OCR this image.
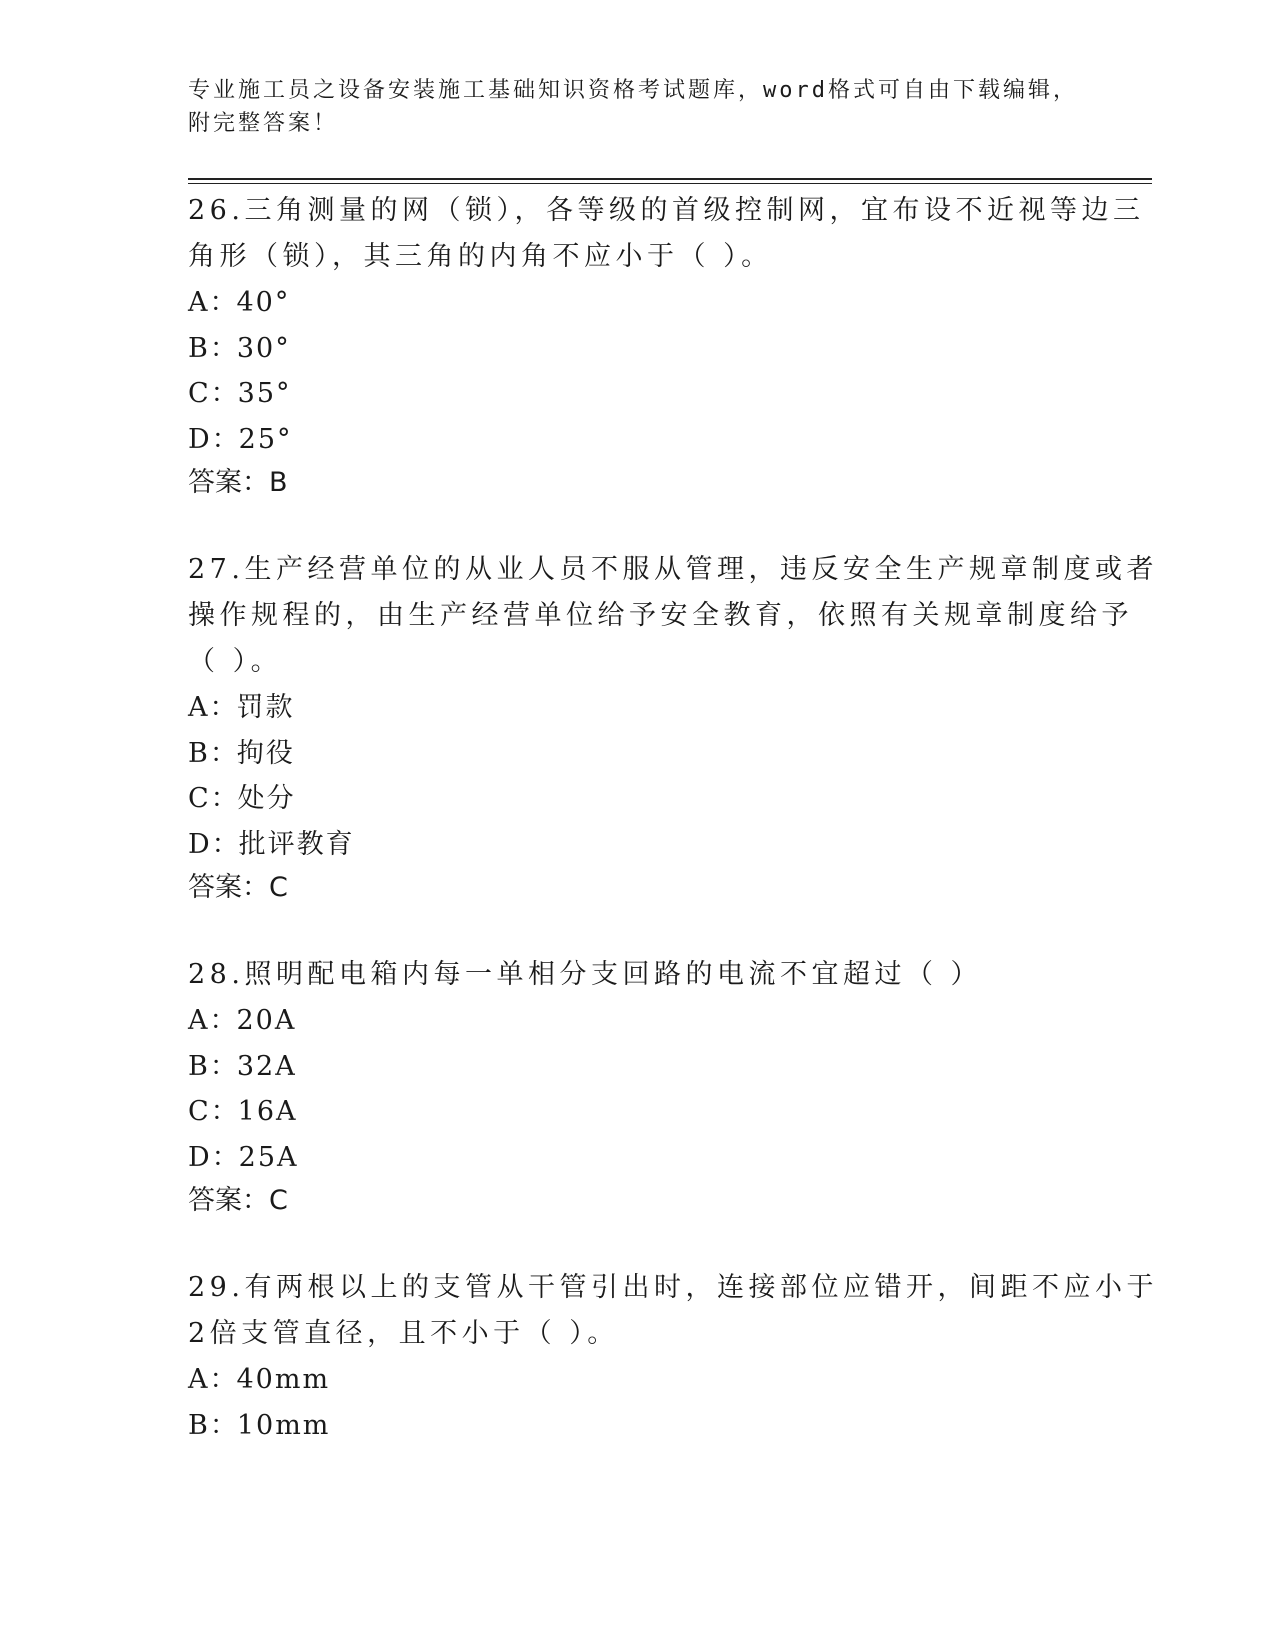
专业施工员之设备安装施工基础知识资格考试题库，word格式可自由下载编辑，
附完整答案！
26.三角测量的网（锁），各等级的首级控制网，宜布设不近视等边三
角形（锁），其三角的内角不应小于（ ）。
A：40°
B：30°
C：35°
D：25°
答案：B
27.生产经营单位的从业人员不服从管理，违反安全生产规章制度或者
操作规程的，由生产经营单位给予安全教育，依照有关规章制度给予
（ ）。
A：罚款
B：拘役
C：处分
D：批评教育
答案：C
28.照明配电箱内每一单相分支回路的电流不宜超过（ ）
A：20A
B：32A
C：16A
D：25A
答案：C
29.有两根以上的支管从干管引出时，连接部位应错开，间距不应小于
2倍支管直径，且不小于（ ）。
A：40mm
B：10mm
